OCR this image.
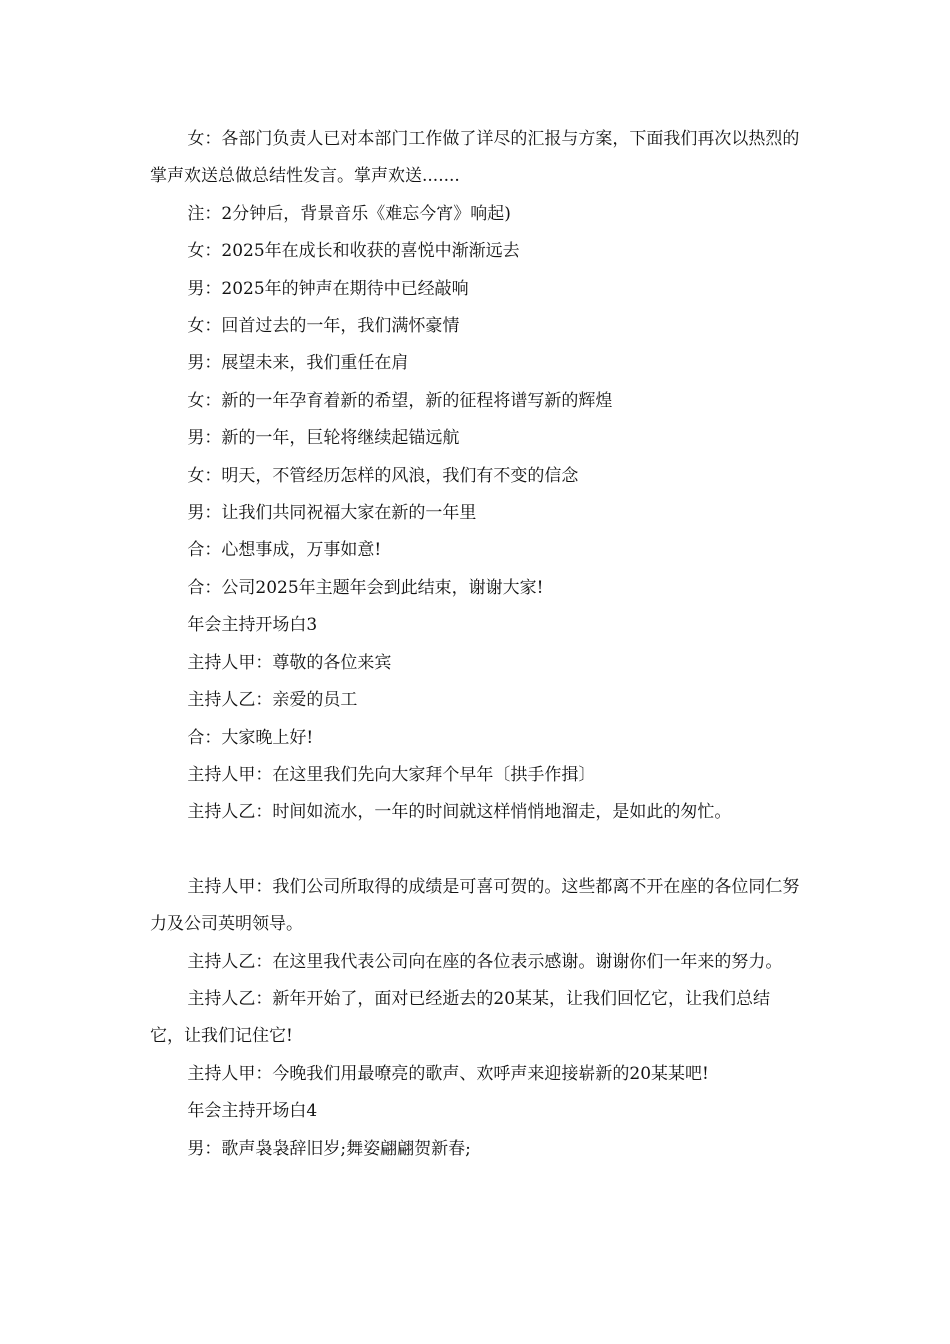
女：各部门负责人已对本部门工作做了详尽的汇报与方案，下面我们再次以热烈的掌声欢送总做总结性发言。掌声欢送.......

注：2分钟后，背景音乐《难忘今宵》响起)

女：2025年在成长和收获的喜悦中渐渐远去

男：2025年的钟声在期待中已经敲响

女：回首过去的一年，我们满怀豪情

男：展望未来，我们重任在肩

女：新的一年孕育着新的希望，新的征程将谱写新的辉煌

男：新的一年，巨轮将继续起锚远航

女：明天，不管经历怎样的风浪，我们有不变的信念

男：让我们共同祝福大家在新的一年里

合：心想事成，万事如意!

合：公司2025年主题年会到此结束，谢谢大家!

年会主持开场白3

主持人甲：尊敬的各位来宾

主持人乙：亲爱的员工

合：大家晚上好!

主持人甲：在这里我们先向大家拜个早年〔拱手作揖〕

主持人乙：时间如流水，一年的时间就这样悄悄地溜走，是如此的匆忙。

主持人甲：我们公司所取得的成绩是可喜可贺的。这些都离不开在座的各位同仁努力及公司英明领导。

主持人乙：在这里我代表公司向在座的各位表示感谢。谢谢你们一年来的努力。

主持人乙：新年开始了，面对已经逝去的20某某，让我们回忆它，让我们总结它，让我们记住它!

主持人甲：今晚我们用最嘹亮的歌声、欢呼声来迎接崭新的20某某吧!

年会主持开场白4

男：歌声袅袅辞旧岁;舞姿翩翩贺新春;
